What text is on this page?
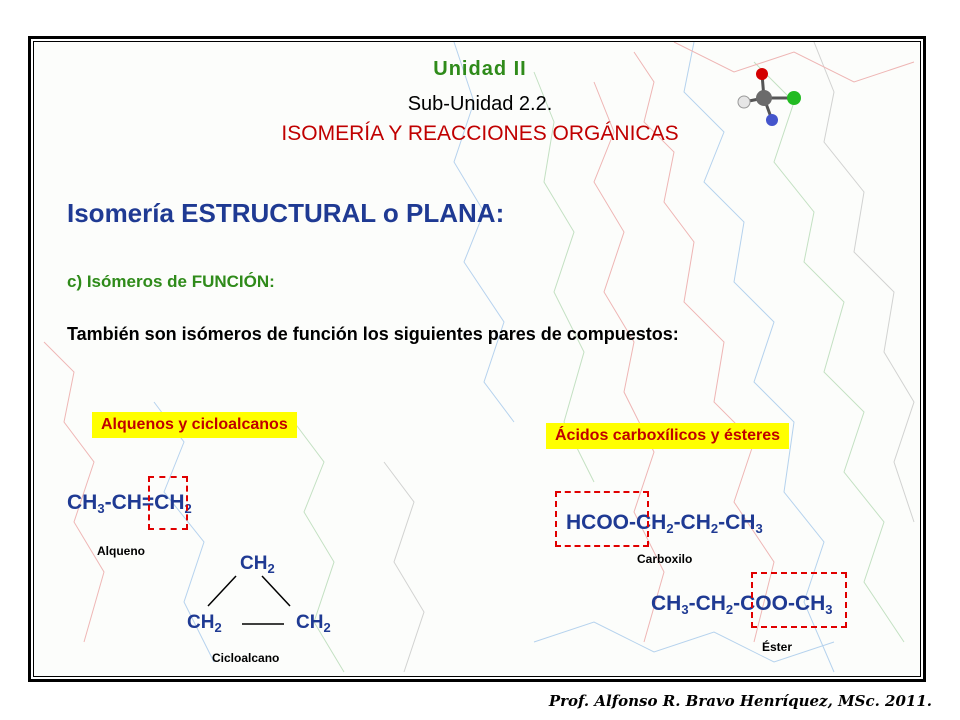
Unidad II
Sub-Unidad 2.2.
ISOMERÍA Y REACCIONES ORGÁNICAS
Isomería ESTRUCTURAL o PLANA:
c) Isómeros de FUNCIÓN:
También son isómeros de función los siguientes pares de compuestos:
Alquenos y cicloalcanos
$CH_3-CH=CH_2$
Alqueno
$CH_2$
$CH_2$	$CH_2$
Cicloalcano
Ácidos carboxílicos y ésteres
HCOO-$CH_2-CH_2-CH_3$
Carboxilo
$CH_3-CH_2-COO-CH_3$
Éster
Prof. Alfonso R. Bravo Henríquez, MSc. 2011.
